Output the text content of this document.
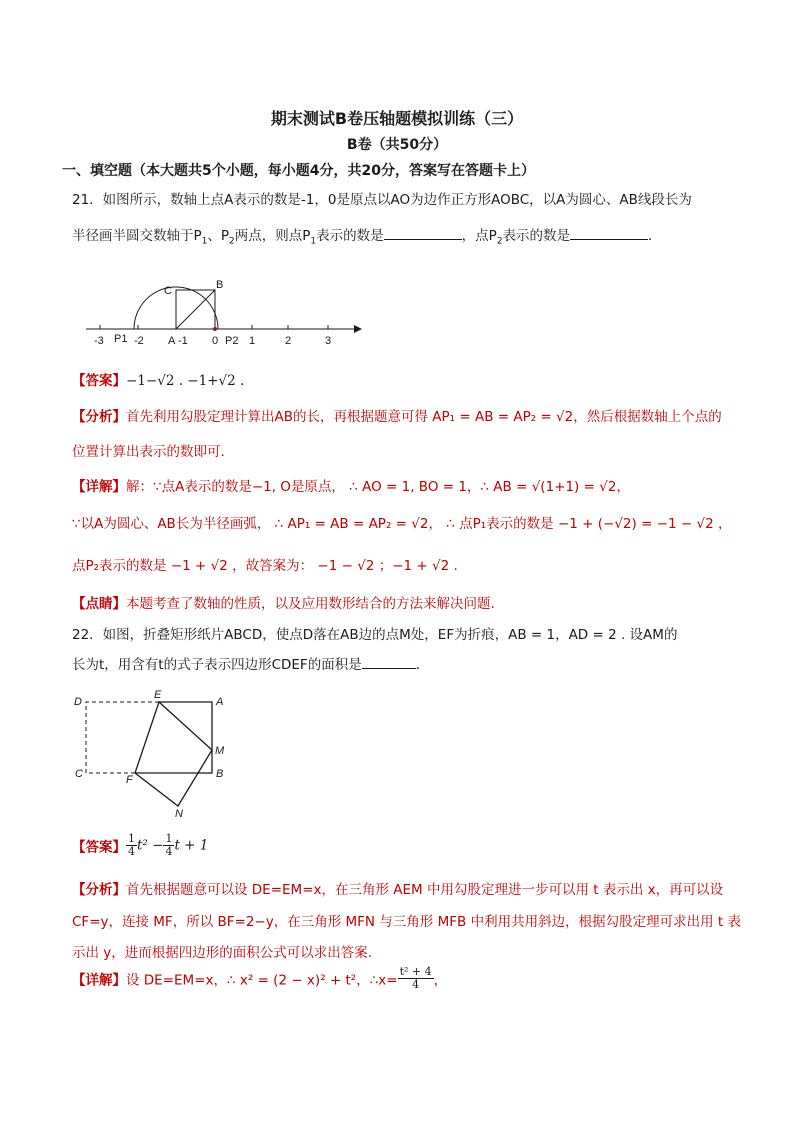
期末测试B卷压轴题模拟训练（三）
B卷（共50分）
一、填空题（本大题共5个小题，每小题4分，共20分，答案写在答题卡上）
21．如图所示，数轴上点A表示的数是-1，0是原点以AO为边作正方形AOBC，以A为圆心、AB线段长为
半径画半圆交数轴于$P_1$、$P_2$两点，则点$P_1$表示的数是	，点$P_2$表示的数是	．
-3	-2	-1 0	1	2	3
P1	A	P2
C	B
【答案】−1−√2 . −1+√2 .
【分析】首先利用勾股定理计算出AB的长，再根据题意可得 AP₁ = AB = AP₂ = √2，然后根据数轴上个点的
位置计算出表示的数即可.
【详解】解：∵点A表示的数是−1, O是原点， ∴ AO = 1, BO = 1，∴ AB = √(1+1) = √2，
∵以A为圆心、AB长为半径画弧， ∴ AP₁ = AB = AP₂ = √2， ∴ 点P₁表示的数是 −1 + (−√2) = −1 − √2 ，
点P₂表示的数是 −1 + √2 ，故答案为： −1 − √2 ；−1 + √2 .
【点睛】本题考查了数轴的性质，以及应用数形结合的方法来解决问题.
22．如图，折叠矩形纸片ABCD，使点D落在AB边的点M处，EF为折痕，AB = 1，AD = 2 . 设AM的
长为t，用含有t的式子表示四边形CDEF的面积是	．
D
E
A
M
C	F	B
N
【答案】 $\frac{1}{4} t^2 - \frac{1}{4}$ t + 1
【分析】首先根据题意可以设 DE=EM=x，在三角形 AEM 中用勾股定理进一步可以用 t 表示出 x，再可以设
CF=y，连接 MF，所以 BF=2−y，在三角形 MFN 与三角形 MFB 中利用共用斜边，根据勾股定理可求出用 t 表
示出 y，进而根据四边形的面积公式可以求出答案.
【详解】设 DE=EM=x，∴ x² = (2 − x)² + t²，∴x= $\frac{\text{t² + 4}}{4}$ ，
